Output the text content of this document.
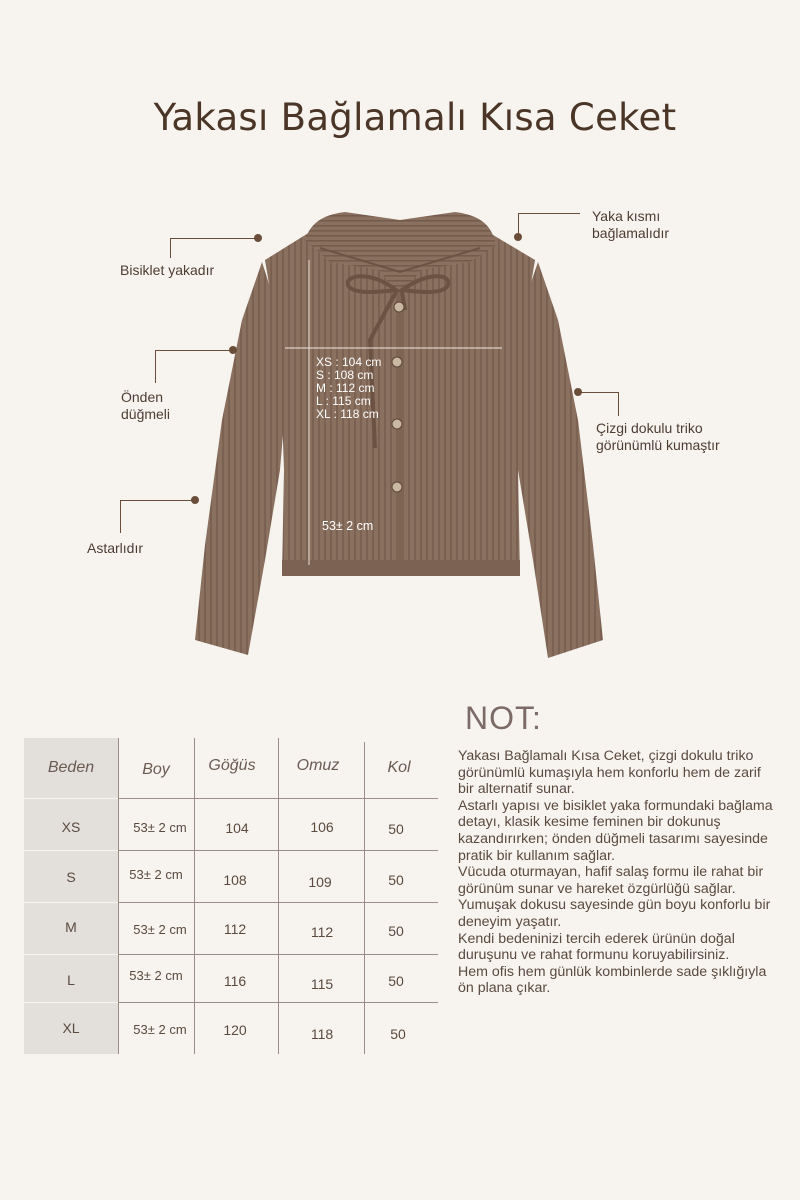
Yakası Bağlamalı Kısa Ceket
XS : 104 cm
S : 108 cm
M : 112 cm
L : 115 cm
XL : 118 cm
53± 2 cm
Bisiklet yakadır
Yaka kısmı
bağlamalıdır
Önden
düğmeli
Çizgi dokulu triko
görünümlü kumaştır
Astarlıdır
Beden	Boy	Göğüs	Omuz	Kol
XS	53± 2 cm	104	106	50
S	53± 2 cm	108	109	50
M	53± 2 cm	112	112	50
L	53± 2 cm	116	115	50
XL	53± 2 cm	120	118	50
NOT:
Yakası Bağlamalı Kısa Ceket, çizgi dokulu triko görünümlü kumaşıyla hem konforlu hem de zarif bir alternatif sunar.
Astarlı yapısı ve bisiklet yaka formundaki bağlama detayı, klasik kesime feminen bir dokunuş kazandırırken; önden düğmeli tasarımı sayesinde pratik bir kullanım sağlar.
Vücuda oturmayan, hafif salaş formu ile rahat bir görünüm sunar ve hareket özgürlüğü sağlar.
Yumuşak dokusu sayesinde gün boyu konforlu bir deneyim yaşatır.
Kendi bedeninizi tercih ederek ürünün doğal duruşunu ve rahat formunu koruyabilirsiniz.
Hem ofis hem günlük kombinlerde sade şıklığıyla ön plana çıkar.
